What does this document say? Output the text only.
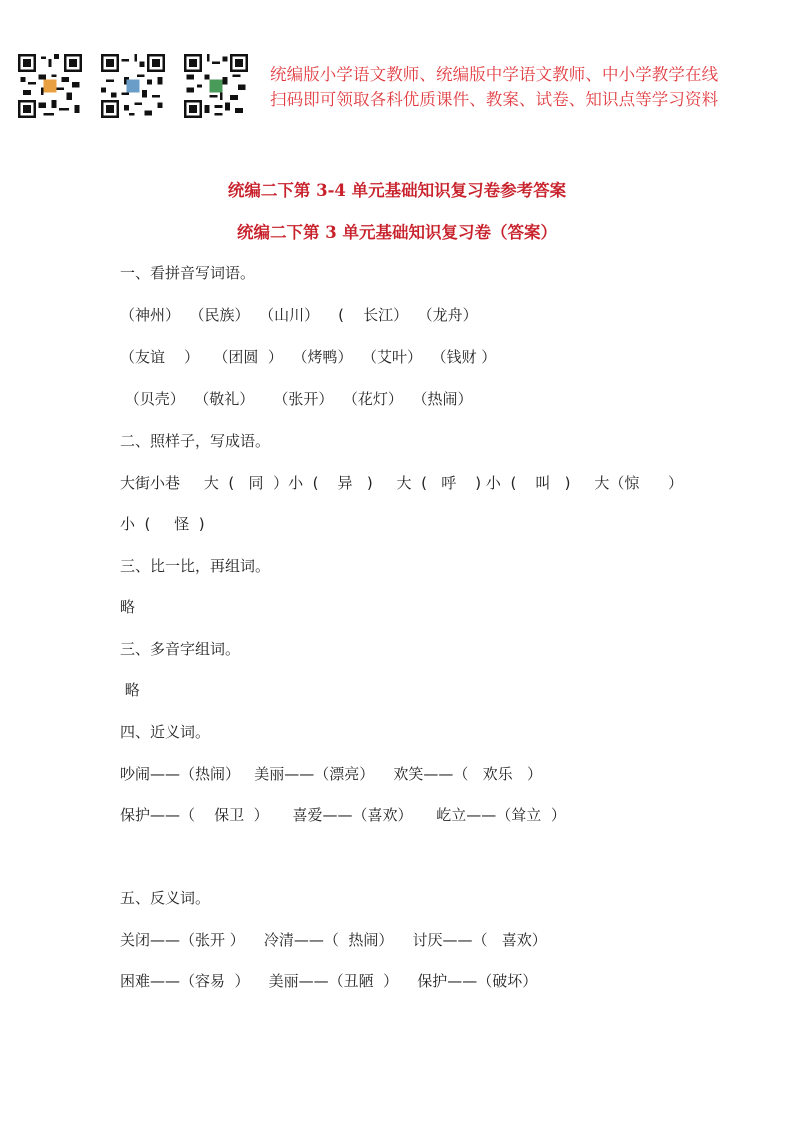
统编版小学语文教师、统编版中学语文教师、中小学教学在线
扫码即可领取各科优质课件、教案、试卷、知识点等学习资料
统编二下第 3-4 单元基础知识复习卷参考答案
统编二下第 3 单元基础知识复习卷（答案）
一、看拼音写词语。
（神州）  （民族）  （山川）    (    长江）  （龙舟）
（友谊    ）   （团圆  ）  （烤鸭）  （艾叶）  （钱财 ）
（贝壳）  （敬礼）    （张开）  （花灯）  （热闹）
二、照样子，写成语。
大街小巷     大  (   同  ）小  (    异   )     大  (   呼    ) 小  (    叫   )     大（惊      ）
小  (     怪  )
三、比一比，再组词。
略
三、多音字组词。
略
四、近义词。
吵闹——（热闹）   美丽——（漂亮）    欢笑——（   欢乐   ）
保护——（    保卫  ）     喜爱——（喜欢）     屹立——（耸立  ）
五、反义词。
关闭——（张开 ）    冷清——（  热闹）    讨厌——（   喜欢）
困难——（容易  ）    美丽——（丑陋  ）    保护——（破坏）
